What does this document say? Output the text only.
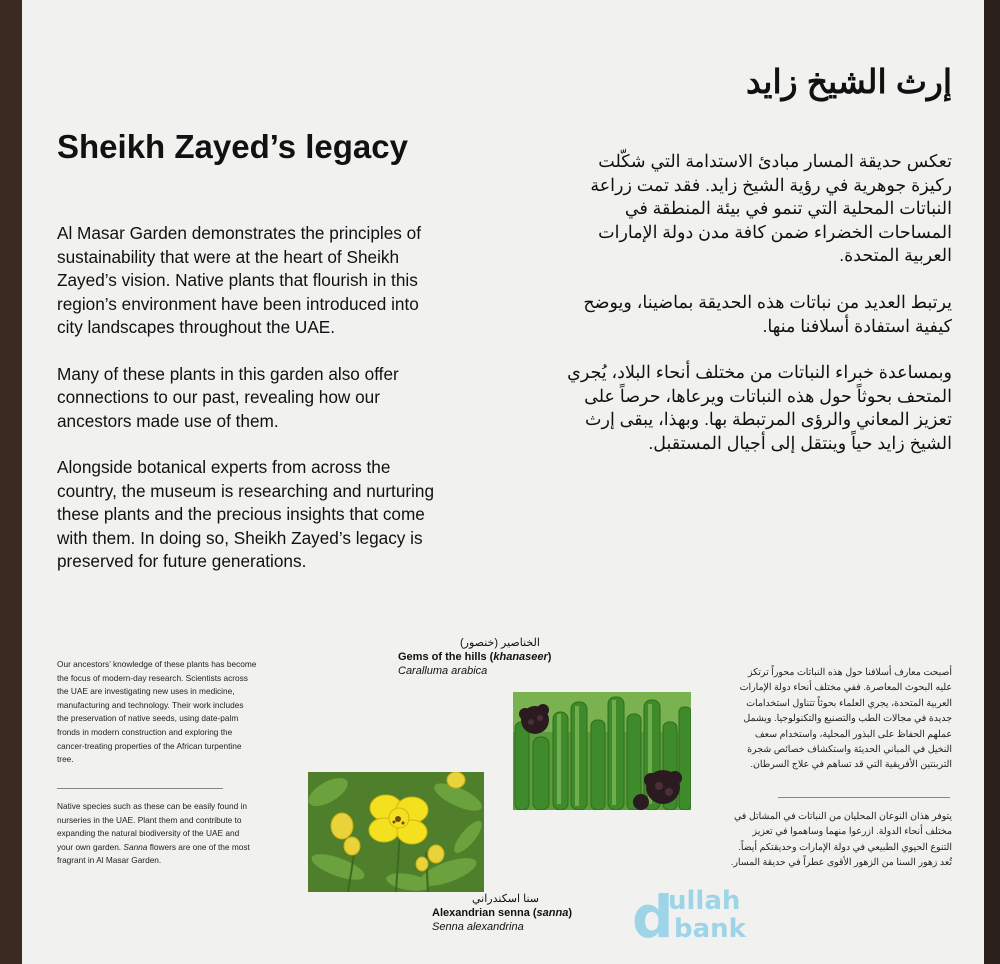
Sheikh Zayed’s legacy

Al Masar Garden demonstrates the principles of sustainability that were at the heart of Sheikh Zayed’s vision. Native plants that flourish in this region’s environment have been introduced into city landscapes throughout the UAE.

Many of these plants in this garden also offer connections to our past, revealing how our ancestors made use of them.

Alongside botanical experts from across the country, the museum is researching and nurturing these plants and the precious insights that come with them. In doing so, Sheikh Zayed’s legacy is preserved for future generations.

إرث الشيخ زايد

تعكس حديقة المسار مبادئ الاستدامة التي شكّلت ركيزة جوهرية في رؤية الشيخ زايد. فقد تمت زراعة النباتات المحلية التي تنمو في بيئة المنطقة في المساحات الخضراء ضمن كافة مدن دولة الإمارات العربية المتحدة.

يرتبط العديد من نباتات هذه الحديقة بماضينا، ويوضح كيفية استفادة أسلافنا منها.

وبمساعدة خبراء النباتات من مختلف أنحاء البلاد، يُجري المتحف بحوثاً حول هذه النباتات ويرعاها، حرصاً على تعزيز المعاني والرؤى المرتبطة بها. وبهذا، يبقى إرث الشيخ زايد حياً وينتقل إلى أجيال المستقبل.

Our ancestors’ knowledge of these plants has become the focus of modern-day research. Scientists across the UAE are investigating new uses in medicine, manufacturing and technology. Their work includes the preservation of native seeds, using date-palm fronds in modern construction and exploring the cancer-treating properties of the African turpentine tree.

Native species such as these can be easily found in nurseries in the UAE. Plant them and contribute to expanding the natural biodiversity of the UAE and your own garden. Sanna flowers are one of the most fragrant in Al Masar Garden.

أصبحت معارف أسلافنا حول هذه النباتات محوراً ترتكز عليه البحوث المعاصرة. ففي مختلف أنحاء دولة الإمارات العربية المتحدة، يجري العلماء بحوثاً تتناول استخدامات جديدة في مجالات الطب والتصنيع والتكنولوجيا. ويشمل عملهم الحفاظ على البذور المحلية، واستخدام سعف النخيل في المباني الحديثة واستكشاف خصائص شجرة التربنتين الأفريقية التي قد تساهم في علاج السرطان.

يتوفر هذان النوعان المحليان من النباتات في المشاتل في مختلف أنحاء الدولة. ازرعوا منهما وساهموا في تعزيز التنوع الحيوي الطبيعي في دولة الإمارات وحديقتكم أيضاً. تُعد زهور السنا من الزهور الأقوى عطراً في حديقة المسار.

الخناصير (خنصور)
Gems of the hills (khanaseer)
Caralluma arabica
سنا اسكندراني
Alexandrian senna (sanna)
Senna alexandrina	d
ullah
bank
